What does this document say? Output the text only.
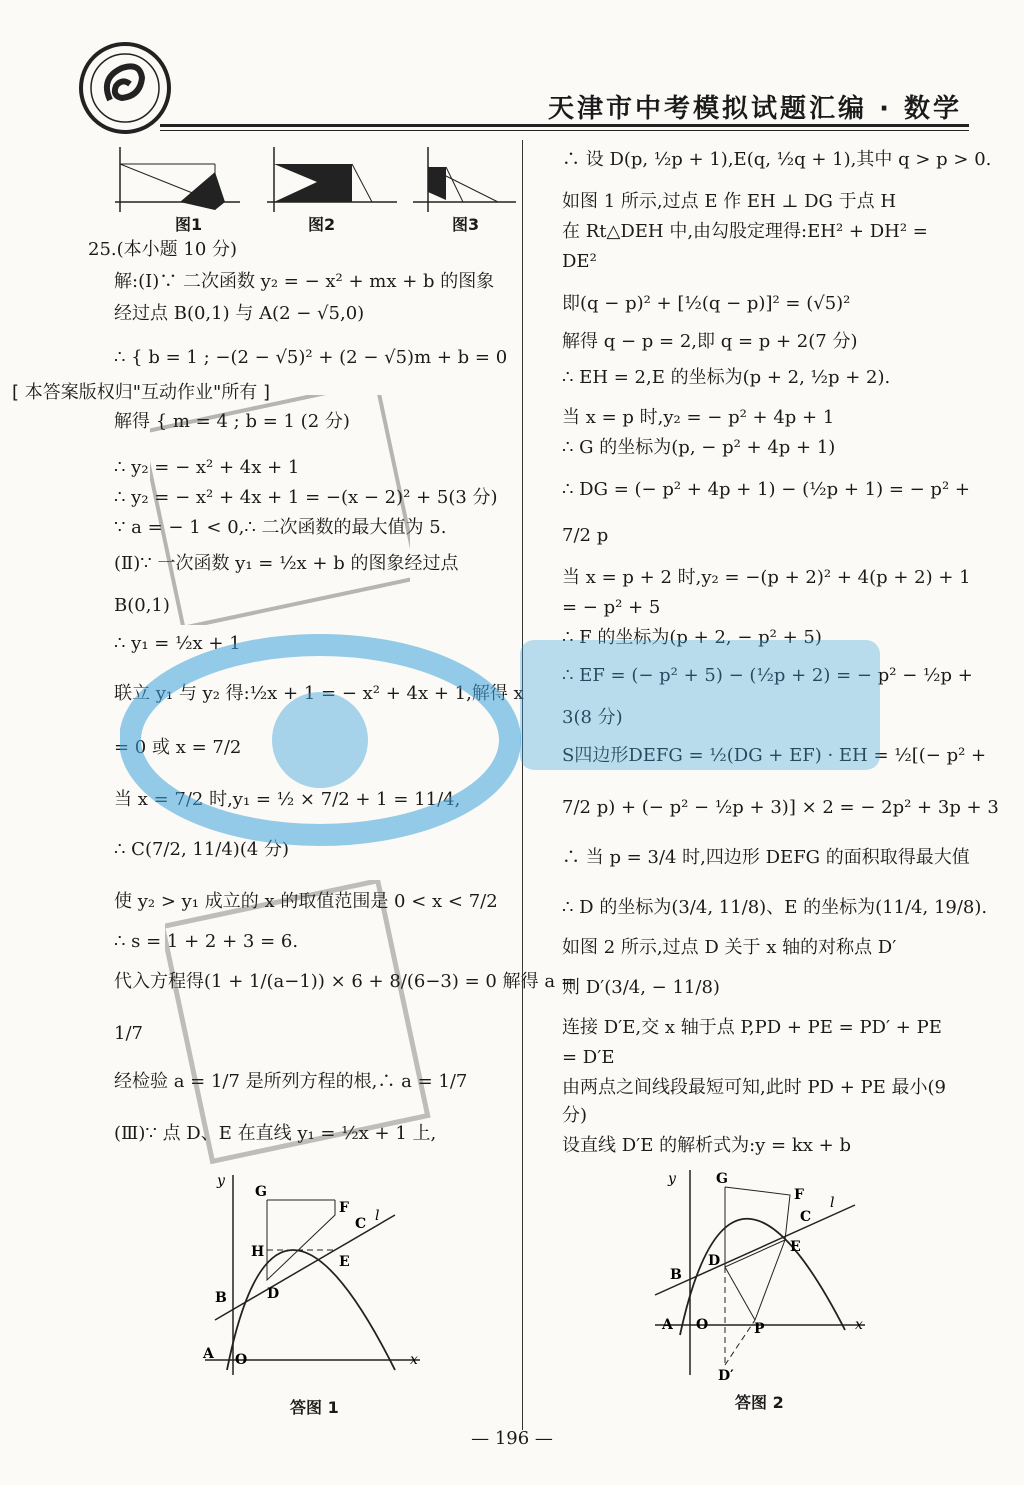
天津市中考模拟试题汇编 · 数学
图1	图2	图3
25.(本小题 10 分)
解:(Ⅰ)∵ 二次函数 y₂ = − x² + mx + b 的图象
经过点 B(0,1) 与 A(2 − √5,0)
∴ { b = 1 ; −(2 − √5)² + (2 − √5)m + b = 0
[ 本答案版权归"互动作业"所有 ]
解得 { m = 4 ; b = 1 (2 分)
∴ y₂ = − x² + 4x + 1
∴ y₂ = − x² + 4x + 1 = −(x − 2)² + 5(3 分)
∵ a = − 1 < 0,∴ 二次函数的最大值为 5.
(Ⅱ)∵ 一次函数 y₁ = ½x + b 的图象经过点
B(0,1)
∴ y₁ = ½x + 1
联立 y₁ 与 y₂ 得:½x + 1 = − x² + 4x + 1,解得 x
= 0 或 x = 7/2
当 x = 7/2 时,y₁ = ½ × 7/2 + 1 = 11/4,
∴ C(7/2, 11/4)(4 分)
使 y₂ > y₁ 成立的 x 的取值范围是 0 < x < 7/2
∴ s = 1 + 2 + 3 = 6.
代入方程得(1 + 1/(a−1)) × 6 + 8/(6−3) = 0 解得 a =
1/7
经检验 a = 1/7 是所列方程的根,∴ a = 1/7
(Ⅲ)∵ 点 D、E 在直线 y₁ = ½x + 1 上,
y
G
F
C l
H
E
B	D
A O	x
答图 1
∴ 设 D(p, ½p + 1),E(q, ½q + 1),其中 q > p > 0.
如图 1 所示,过点 E 作 EH ⊥ DG 于点 H
在 Rt△DEH 中,由勾股定理得:EH² + DH² =
DE²
即(q − p)² + [½(q − p)]² = (√5)²
解得 q − p = 2,即 q = p + 2(7 分)
∴ EH = 2,E 的坐标为(p + 2, ½p + 2).
当 x = p 时,y₂ = − p² + 4p + 1
∴ G 的坐标为(p, − p² + 4p + 1)
∴ DG = (− p² + 4p + 1) − (½p + 1) = − p² +
7/2 p
当 x = p + 2 时,y₂ = −(p + 2)² + 4(p + 2) + 1
= − p² + 5
∴ F 的坐标为(p + 2, − p² + 5)
∴ EF = (− p² + 5) − (½p + 2) = − p² − ½p +
3(8 分)
S四边形DEFG = ½(DG + EF) · EH = ½[(− p² +
7/2 p) + (− p² − ½p + 3)] × 2 = − 2p² + 3p + 3
∴ 当 p = 3/4 时,四边形 DEFG 的面积取得最大值
∴ D 的坐标为(3/4, 11/8)、E 的坐标为(11/4, 19/8).
如图 2 所示,过点 D 关于 x 轴的对称点 D′
则 D′(3/4, − 11/8)
连接 D′E,交 x 轴于点 P,PD + PE = PD′ + PE
= D′E
由两点之间线段最短可知,此时 PD + PE 最小(9
分)
设直线 D′E 的解析式为:y = kx + b
y	G
F
C
l
E
D
B
A O	P	x
D′
答图 2
— 196 —
